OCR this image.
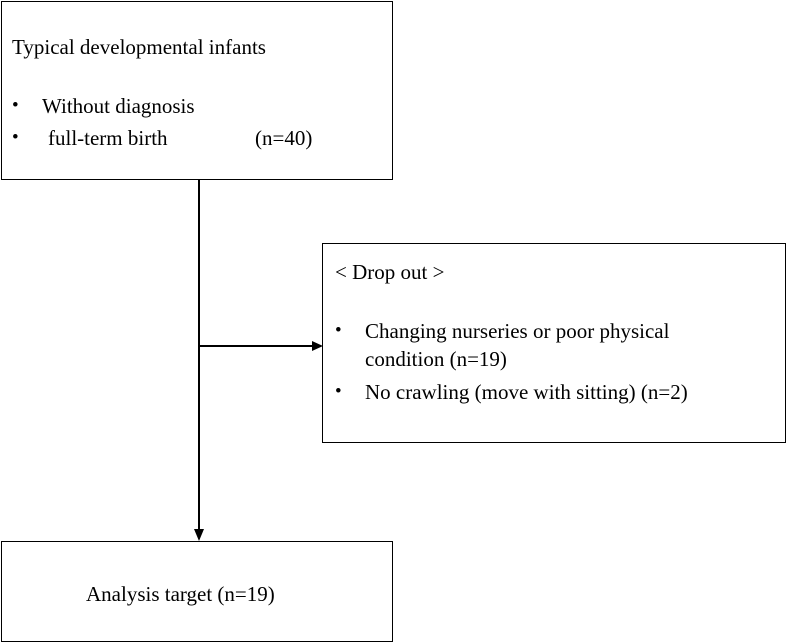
Typical developmental infants
• Without diagnosis
• full-term birth	(n=40)
< Drop out >
• Changing nurseries or poor physical
condition (n=19)
• No crawling (move with sitting) (n=2)
Analysis target (n=19)
